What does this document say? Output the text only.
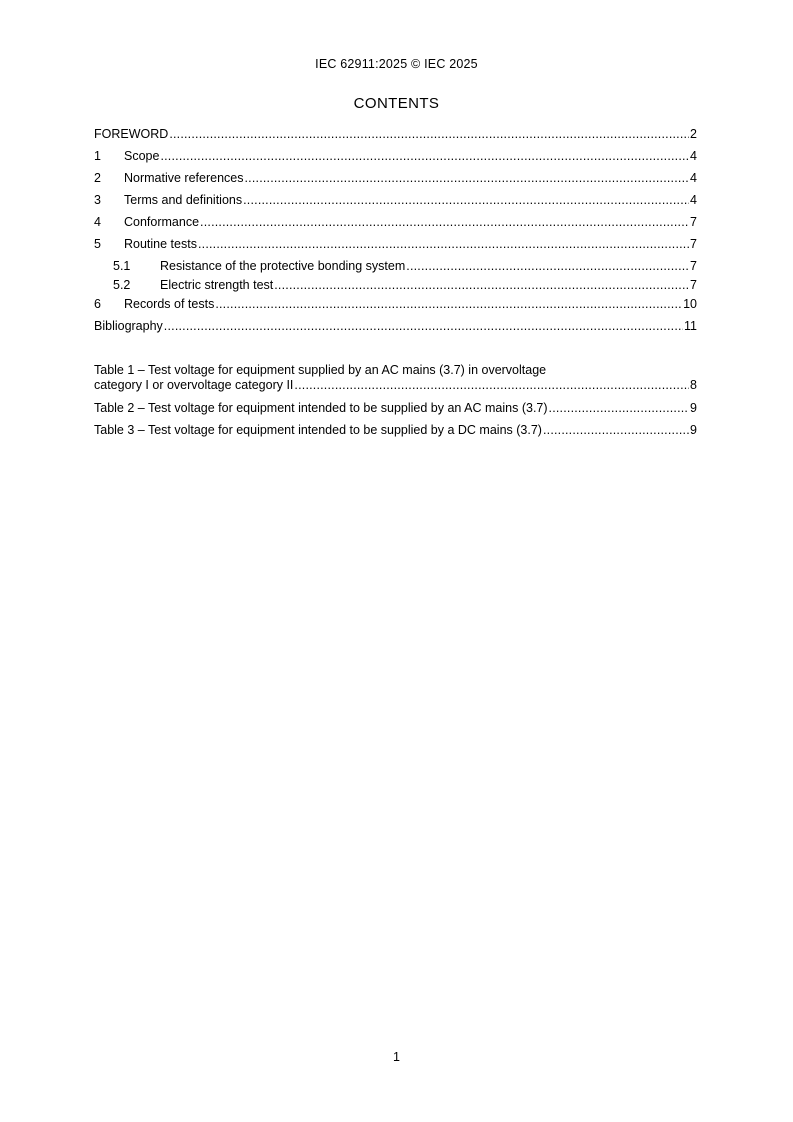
IEC 62911:2025 © IEC 2025
CONTENTS
FOREWORD .....	2
1	Scope .....	4
2	Normative references .....	4
3	Terms and definitions .....	4
4	Conformance .....	7
5	Routine tests .....	7
5.1	Resistance of the protective bonding system .....	7
5.2	Electric strength test .....	7
6	Records of tests .....	10
Bibliography .....	11
Table 1 – Test voltage for equipment supplied by an AC mains (3.7) in overvoltage
category I or overvoltage category II .....	8
Table 2 – Test voltage for equipment intended to be supplied by an AC mains (3.7) .....	9
Table 3 – Test voltage for equipment intended to be supplied by a DC mains (3.7) .....	9
1
